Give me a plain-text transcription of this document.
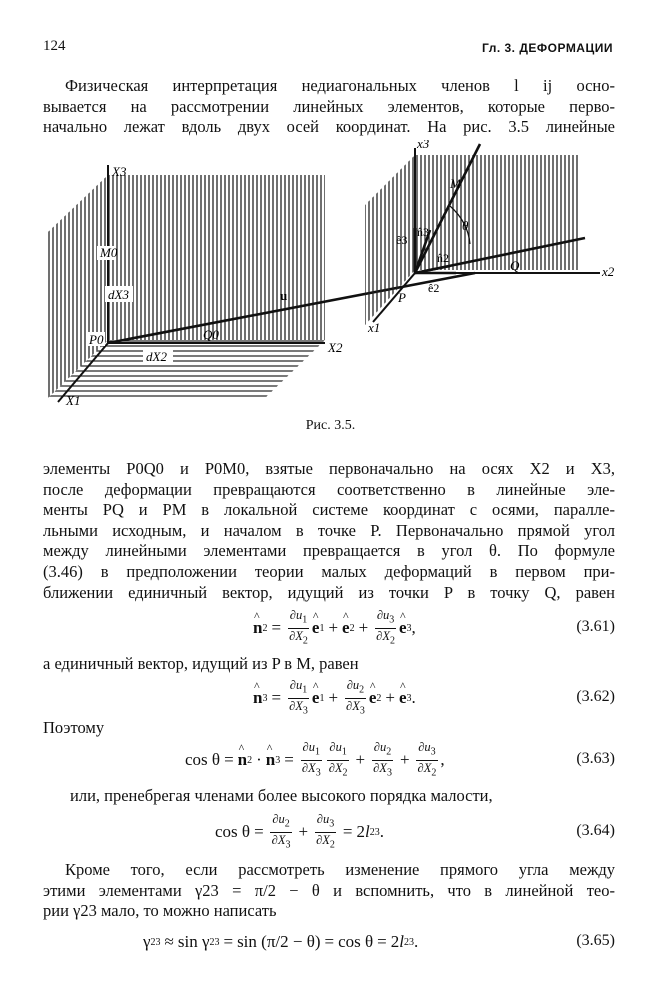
124	Гл. 3. ДЕФОРМАЦИИ
Физическая интерпретация недиагональных членов l ij осно-
вывается на рассмотрении линейных элементов, которые перво-
начально лежат вдоль двух осей координат. На рис. 3.5 линейные
M0
dX3
X3
P0	Q0
dX2
X2
X1
u
x3
M
θ
ê3
n̂3
n̂2	Q	x2
P
ê2
x1
Рис. 3.5.
элементы P0Q0 и P0M0, взятые первоначально на осях X2 и X3,
после деформации превращаются соответственно в линейные эле-
менты PQ и PM в локальной системе координат с осями, паралле-
льными исходным, и началом в точке P. Первоначально прямой угол
между линейными элементами превращается в угол θ. По формуле
(3.46) в предположении теории малых деформаций в первом при-
ближении единичный вектор, идущий из точки P в точку Q, равен
^ n $2 = \frac{\partial u_1}{\partial X_2}$ ^ e 1 + ^ e $2 + \frac{\partial u_3}{\partial X_2}$ ^ e 3 ,	(3.61)
а единичный вектор, идущий из P в M, равен
^ n $3 = \frac{\partial u_1}{\partial X_3}$ ^ e $1 + \frac{\partial u_2}{\partial X_3}$ ^ e 2 + ^ e 3 .	(3.62)
Поэтому
cos θ = ^ n 2 · ^ n $3 = \frac{\partial u_1}{\partial X_3} \frac{\partial u_1}{\partial X_2} + \frac{\partial u_2}{\partial X_3} + \frac{\partial u_3}{\partial X_2}$ ,	(3.63)
или, пренебрегая членами более высокого порядка малости,
$\cos \theta = \frac{\partial u_2}{\partial X_3} + \frac{\partial u_3}{\partial X_2} = 2$ l 23 .	(3.64)
Кроме того, если рассмотреть изменение прямого угла между
этими элементами γ23 = π/2 − θ и вспомнить, что в линейной тео-
рии γ23 мало, то можно написать
γ 23 ≈ sin γ 23 = sin (π/2 − θ) = cos θ = 2 l 23 .	(3.65)
